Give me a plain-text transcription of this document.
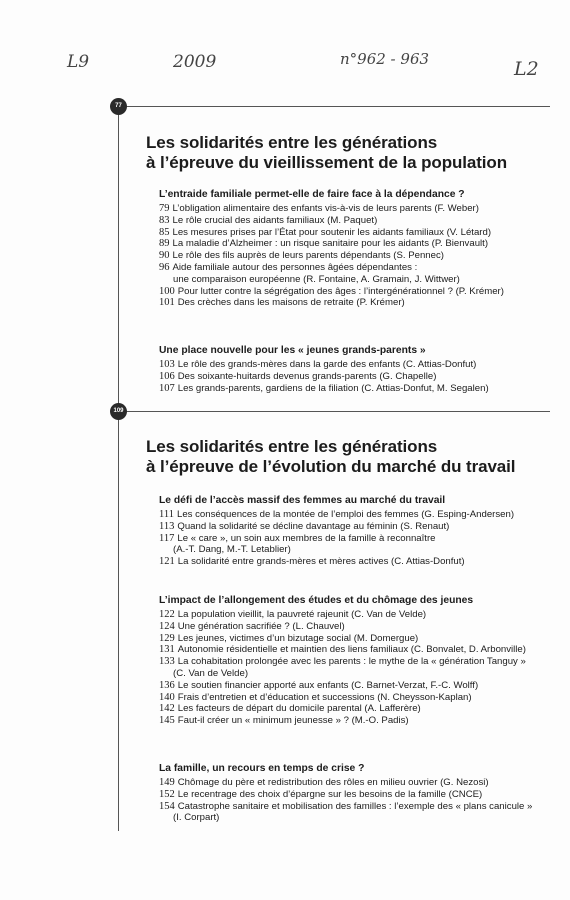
L9	2009	n°962 - 963	L2
77
109
Les solidarités entre les générations
à l’épreuve du vieillissement de la population
L’entraide familiale permet-elle de faire face à la dépendance ?
79 L’obligation alimentaire des enfants vis-à-vis de leurs parents (F. Weber)
83 Le rôle crucial des aidants familiaux (M. Paquet)
85 Les mesures prises par l’État pour soutenir les aidants familiaux (V. Létard)
89 La maladie d’Alzheimer : un risque sanitaire pour les aidants (P. Bienvault)
90 Le rôle des fils auprès de leurs parents dépendants (S. Pennec)
96 Aide familiale autour des personnes âgées dépendantes :
une comparaison européenne (R. Fontaine, A. Gramain, J. Wittwer)
100 Pour lutter contre la ségrégation des âges : l’intergénérationnel ? (P. Krémer)
101 Des crèches dans les maisons de retraite (P. Krémer)
Une place nouvelle pour les « jeunes grands-parents »
103 Le rôle des grands-mères dans la garde des enfants (C. Attias-Donfut)
106 Des soixante-huitards devenus grands-parents (G. Chapelle)
107 Les grands-parents, gardiens de la filiation (C. Attias-Donfut, M. Segalen)
Les solidarités entre les générations
à l’épreuve de l’évolution du marché du travail
Le défi de l’accès massif des femmes au marché du travail
111 Les conséquences de la montée de l’emploi des femmes (G. Esping-Andersen)
113 Quand la solidarité se décline davantage au féminin (S. Renaut)
117 Le « care », un soin aux membres de la famille à reconnaître
(A.-T. Dang, M.-T. Letablier)
121 La solidarité entre grands-mères et mères actives (C. Attias-Donfut)
L’impact de l’allongement des études et du chômage des jeunes
122 La population vieillit, la pauvreté rajeunit (C. Van de Velde)
124 Une génération sacrifiée ? (L. Chauvel)
129 Les jeunes, victimes d’un bizutage social (M. Domergue)
131 Autonomie résidentielle et maintien des liens familiaux (C. Bonvalet, D. Arbonville)
133 La cohabitation prolongée avec les parents : le mythe de la « génération Tanguy »
(C. Van de Velde)
136 Le soutien financier apporté aux enfants (C. Barnet-Verzat, F.-C. Wolff)
140 Frais d’entretien et d’éducation et successions (N. Cheysson-Kaplan)
142 Les facteurs de départ du domicile parental (A. Lafferère)
145 Faut-il créer un « minimum jeunesse » ? (M.-O. Padis)
La famille, un recours en temps de crise ?
149 Chômage du père et redistribution des rôles en milieu ouvrier (G. Nezosi)
152 Le recentrage des choix d’épargne sur les besoins de la famille (CNCE)
154 Catastrophe sanitaire et mobilisation des familles : l’exemple des « plans canicule »
(I. Corpart)
